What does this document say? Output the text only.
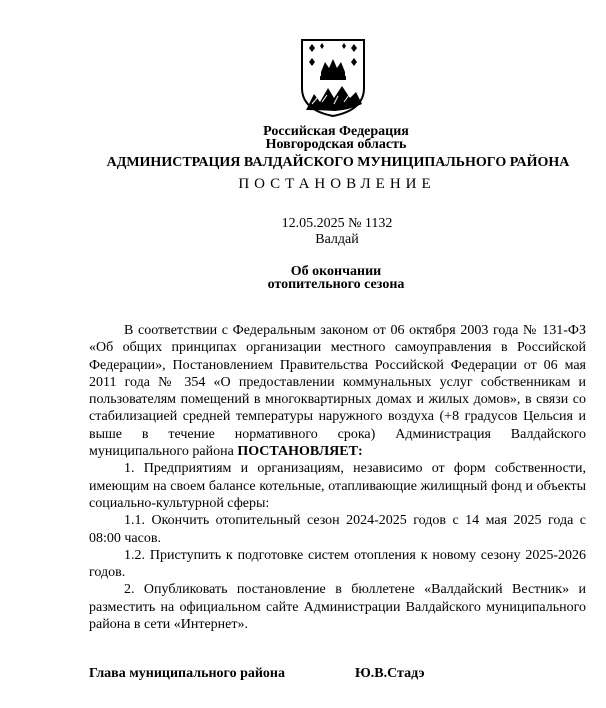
Российская Федерация
Новгородская область
АДМИНИСТРАЦИЯ ВАЛДАЙСКОГО МУНИЦИПАЛЬНОГО РАЙОНА
ПОСТАНОВЛЕНИЕ
12.05.2025 № 1132
Валдай
Об окончании
отопительного сезона

В соответствии с Федеральным законом от 06 октября 2003 года № 131-ФЗ «Об общих принципах организации местного самоуправления в Российской Федерации», Постановлением Правительства Российской Федерации от 06 мая 2011 года № 354 «О предоставлении коммунальных услуг собственникам и пользователям помещений в многоквартирных домах и жилых домов», в связи со стабилизацией средней температуры наружного воздуха (+8 градусов Цельсия и выше в течение нормативного срока) Администрация Валдайского муниципального района ПОСТАНОВЛЯЕТ:

1. Предприятиям и организациям, независимо от форм собственности, имеющим на своем балансе котельные, отапливающие жилищный фонд и объекты социально-культурной сферы:

1.1. Окончить отопительный сезон 2024-2025 годов с 14 мая 2025 года с 08:00 часов.

1.2. Приступить к подготовке систем отопления к новому сезону 2025-2026 годов.

2. Опубликовать постановление в бюллетене «Валдайский Вестник» и разместить на официальном сайте Администрации Валдайского муниципального района в сети «Интернет».

Глава муниципального района	Ю.В.Стадэ
